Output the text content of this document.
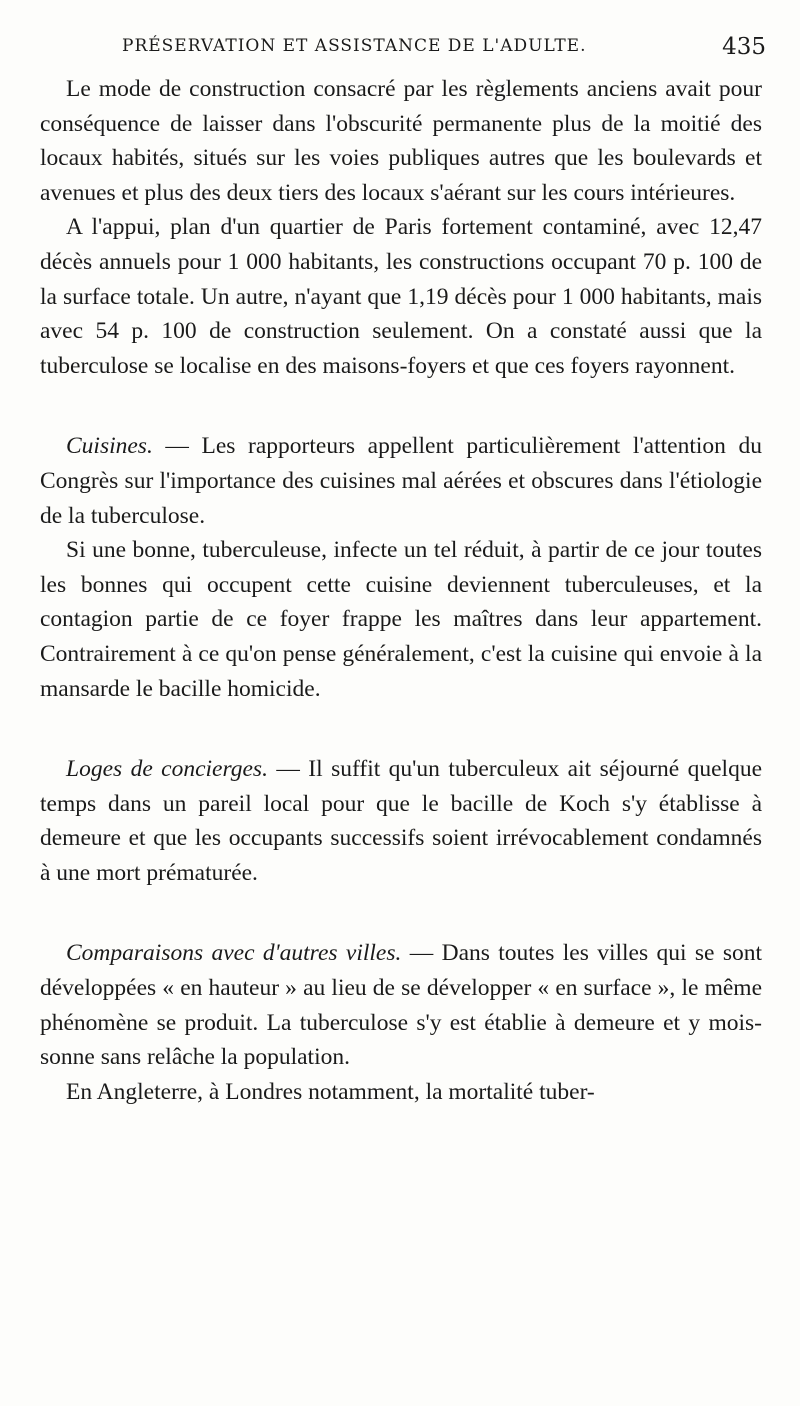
PRÉSERVATION ET ASSISTANCE DE L'ADULTE.	435

Le mode de construction consacré par les règlements anciens avait pour conséquence de laisser dans l'obscurité permanente plus de la moitié des locaux habités, situés sur les voies publiques autres que les boulevards et avenues et plus des deux tiers des locaux s'aérant sur les cours intérieures.

A l'appui, plan d'un quartier de Paris fortement contaminé, avec 12,47 décès annuels pour 1 000 habitants, les constructions occupant 70 p. 100 de la surface totale. Un autre, n'ayant que 1,19 décès pour 1 000 habitants, mais avec 54 p. 100 de construction seulement. On a constaté aussi que la tuberculose se localise en des maisons-foyers et que ces foyers rayonnent.

Cuisines. — Les rapporteurs appellent particulièrement l'attention du Congrès sur l'importance des cuisines mal aérées et obscures dans l'étiologie de la tuberculose.

Si une bonne, tuberculeuse, infecte un tel réduit, à partir de ce jour toutes les bonnes qui occupent cette cuisine deviennent tuberculeuses, et la contagion partie de ce foyer frappe les maîtres dans leur appartement. Contrairement à ce qu'on pense généralement, c'est la cuisine qui envoie à la mansarde le bacille homicide.

Loges de concierges. — Il suffit qu'un tuberculeux ait séjourné quelque temps dans un pareil local pour que le bacille de Koch s'y établisse à demeure et que les occupants successifs soient irrévocablement condamnés à une mort prématurée.

Comparaisons avec d'autres villes. — Dans toutes les villes qui se sont développées « en hauteur » au lieu de se développer « en surface », le même phénomène se produit. La tuberculose s'y est établie à demeure et y moissonne sans relâche la population.

En Angleterre, à Londres notamment, la mortalité tuber-
